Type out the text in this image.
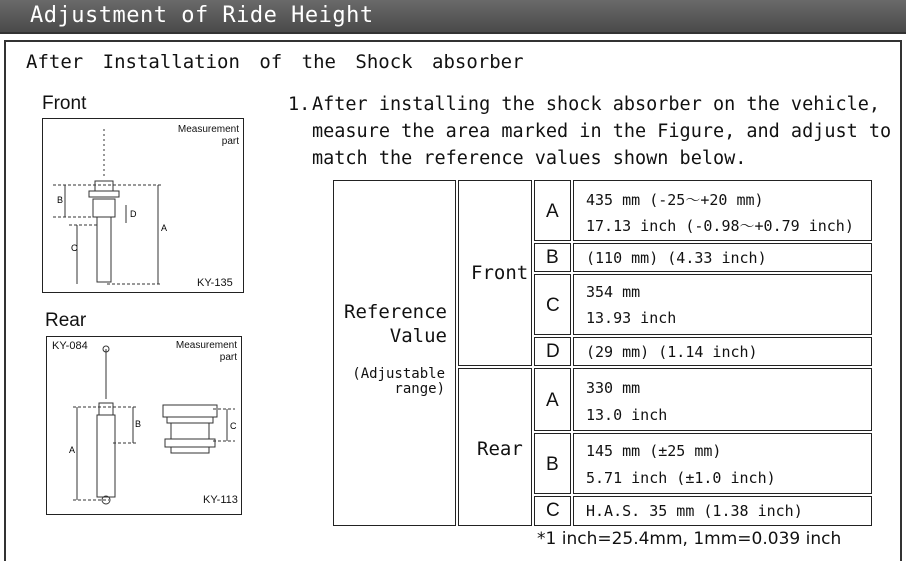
Adjustment of Ride Height
After Installation of the Shock absorber
Front
B
C
A
D
Measurement
part
KY-135
Rear
A
B	C
KY-084	Measurement
part
KY-113
1. After installing the shock absorber on the vehicle,
measure the area marked in the Figure, and adjust to
match the reference values shown below.
Reference
Value
(Adjustable
range)
Front
A
435 mm (-25～+20 mm)
17.13 inch (-0.98～+0.79 inch)
B (110 mm) (4.33 inch)
C
354 mm
13.93 inch
D (29 mm) (1.14 inch)
Rear
A
330 mm
13.0 inch
B
145 mm (±25 mm)
5.71 inch (±1.0 inch)
C H.A.S. 35 mm (1.38 inch)
*1 inch=25.4mm, 1mm=0.039 inch
